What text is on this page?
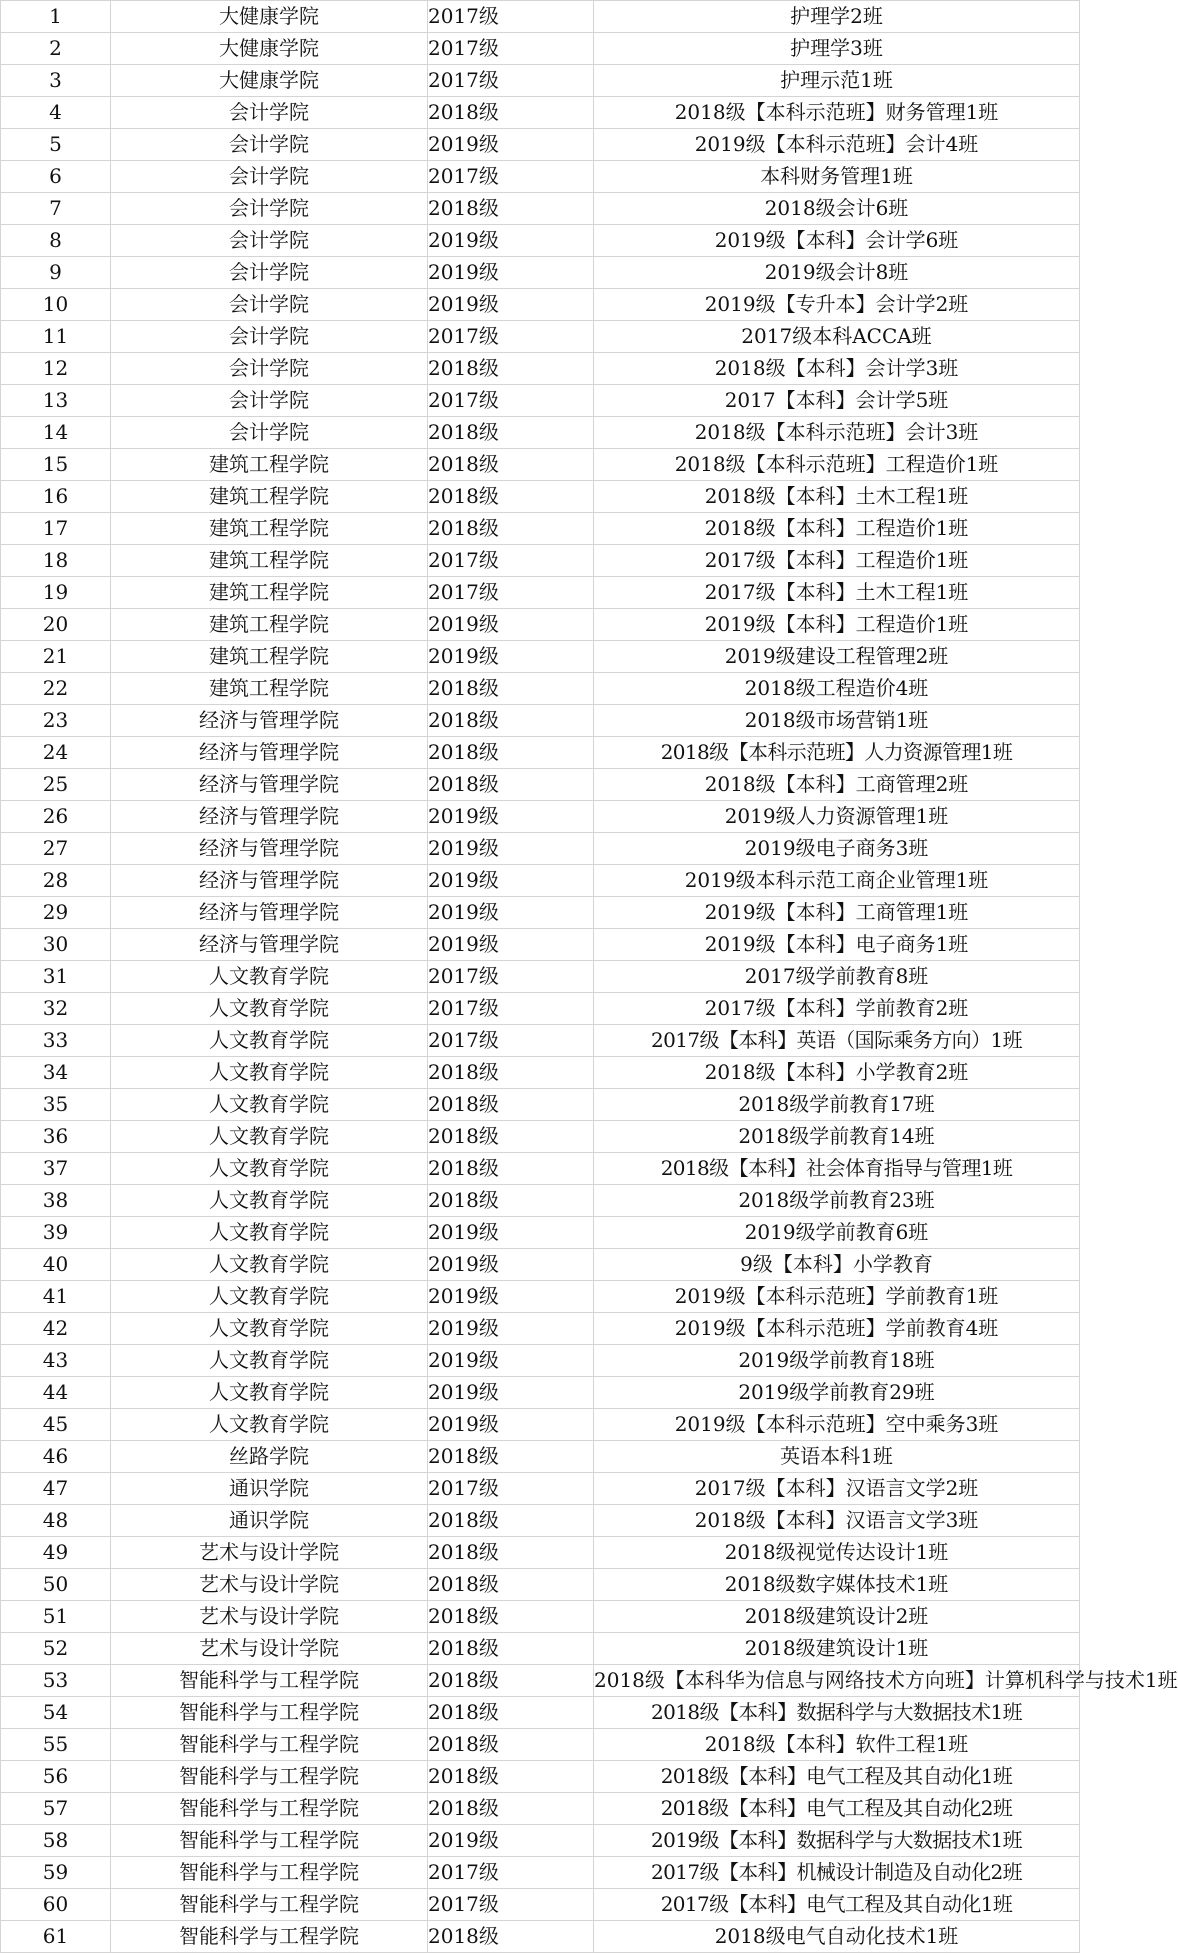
1	大健康学院	2017级	护理学2班
2	大健康学院	2017级	护理学3班
3	大健康学院	2017级	护理示范1班
4	会计学院	2018级	2018级【本科示范班】财务管理1班
5	会计学院	2019级	2019级【本科示范班】会计4班
6	会计学院	2017级	本科财务管理1班
7	会计学院	2018级	2018级会计6班
8	会计学院	2019级	2019级【本科】会计学6班
9	会计学院	2019级	2019级会计8班
10	会计学院	2019级	2019级【专升本】会计学2班
11	会计学院	2017级	2017级本科ACCA班
12	会计学院	2018级	2018级【本科】会计学3班
13	会计学院	2017级	2017【本科】会计学5班
14	会计学院	2018级	2018级【本科示范班】会计3班
15	建筑工程学院	2018级	2018级【本科示范班】工程造价1班
16	建筑工程学院	2018级	2018级【本科】土木工程1班
17	建筑工程学院	2018级	2018级【本科】工程造价1班
18	建筑工程学院	2017级	2017级【本科】工程造价1班
19	建筑工程学院	2017级	2017级【本科】土木工程1班
20	建筑工程学院	2019级	2019级【本科】工程造价1班
21	建筑工程学院	2019级	2019级建设工程管理2班
22	建筑工程学院	2018级	2018级工程造价4班
23	经济与管理学院	2018级	2018级市场营销1班
24	经济与管理学院	2018级	2018级【本科示范班】人力资源管理1班
25	经济与管理学院	2018级	2018级【本科】工商管理2班
26	经济与管理学院	2019级	2019级人力资源管理1班
27	经济与管理学院	2019级	2019级电子商务3班
28	经济与管理学院	2019级	2019级本科示范工商企业管理1班
29	经济与管理学院	2019级	2019级【本科】工商管理1班
30	经济与管理学院	2019级	2019级【本科】电子商务1班
31	人文教育学院	2017级	2017级学前教育8班
32	人文教育学院	2017级	2017级【本科】学前教育2班
33	人文教育学院	2017级	2017级【本科】英语（国际乘务方向）1班
34	人文教育学院	2018级	2018级【本科】小学教育2班
35	人文教育学院	2018级	2018级学前教育17班
36	人文教育学院	2018级	2018级学前教育14班
37	人文教育学院	2018级	2018级【本科】社会体育指导与管理1班
38	人文教育学院	2018级	2018级学前教育23班
39	人文教育学院	2019级	2019级学前教育6班
40	人文教育学院	2019级	9级【本科】小学教育
41	人文教育学院	2019级	2019级【本科示范班】学前教育1班
42	人文教育学院	2019级	2019级【本科示范班】学前教育4班
43	人文教育学院	2019级	2019级学前教育18班
44	人文教育学院	2019级	2019级学前教育29班
45	人文教育学院	2019级	2019级【本科示范班】空中乘务3班
46	丝路学院	2018级	英语本科1班
47	通识学院	2017级	2017级【本科】汉语言文学2班
48	通识学院	2018级	2018级【本科】汉语言文学3班
49	艺术与设计学院	2018级	2018级视觉传达设计1班
50	艺术与设计学院	2018级	2018级数字媒体技术1班
51	艺术与设计学院	2018级	2018级建筑设计2班
52	艺术与设计学院	2018级	2018级建筑设计1班
53	智能科学与工程学院	2018级	2018级【本科华为信息与网络技术方向班】计算机科学与技术1班
54	智能科学与工程学院	2018级	2018级【本科】数据科学与大数据技术1班
55	智能科学与工程学院	2018级	2018级【本科】软件工程1班
56	智能科学与工程学院	2018级	2018级【本科】电气工程及其自动化1班
57	智能科学与工程学院	2018级	2018级【本科】电气工程及其自动化2班
58	智能科学与工程学院	2019级	2019级【本科】数据科学与大数据技术1班
59	智能科学与工程学院	2017级	2017级【本科】机械设计制造及自动化2班
60	智能科学与工程学院	2017级	2017级【本科】电气工程及其自动化1班
61	智能科学与工程学院	2018级	2018级电气自动化技术1班
